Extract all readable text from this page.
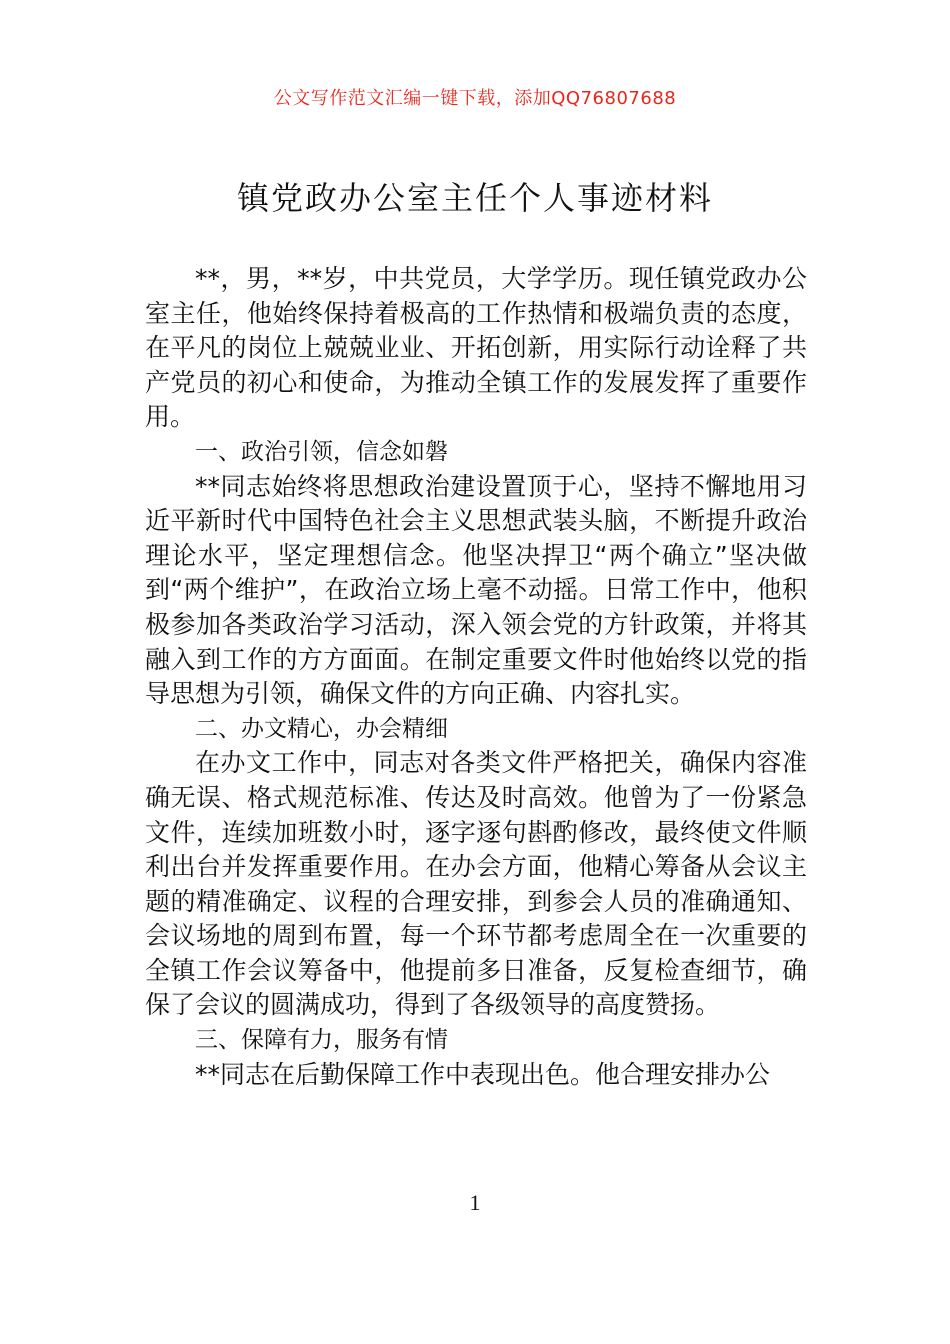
公文写作范文汇编一键下载，添加QQ76807688
镇党政办公室主任个人事迹材料

**，男，**岁，中共党员，大学学历。现任镇党政办公室主任，他始终保持着极高的工作热情和极端负责的态度，在平凡的岗位上兢兢业业、开拓创新，用实际行动诠释了共产党员的初心和使命，为推动全镇工作的发展发挥了重要作用。

一、政治引领，信念如磐

**同志始终将思想政治建设置顶于心，坚持不懈地用习近平新时代中国特色社会主义思想武装头脑，不断提升政治理论水平，坚定理想信念。他坚决捍卫“两个确立”坚决做到“两个维护”，在政治立场上毫不动摇。日常工作中，他积极参加各类政治学习活动，深入领会党的方针政策，并将其融入到工作的方方面面。在制定重要文件时他始终以党的指导思想为引领，确保文件的方向正确、内容扎实。

二、办文精心，办会精细

在办文工作中，同志对各类文件严格把关，确保内容准确无误、格式规范标准、传达及时高效。他曾为了一份紧急文件，连续加班数小时，逐字逐句斟酌修改，最终使文件顺利出台并发挥重要作用。在办会方面，他精心筹备从会议主题的精准确定、议程的合理安排，到参会人员的准确通知、会议场地的周到布置，每一个环节都考虑周全在一次重要的全镇工作会议筹备中，他提前多日准备，反复检查细节，确保了会议的圆满成功，得到了各级领导的高度赞扬。

三、保障有力，服务有情

**同志在后勤保障工作中表现出色。他合理安排办公

1
